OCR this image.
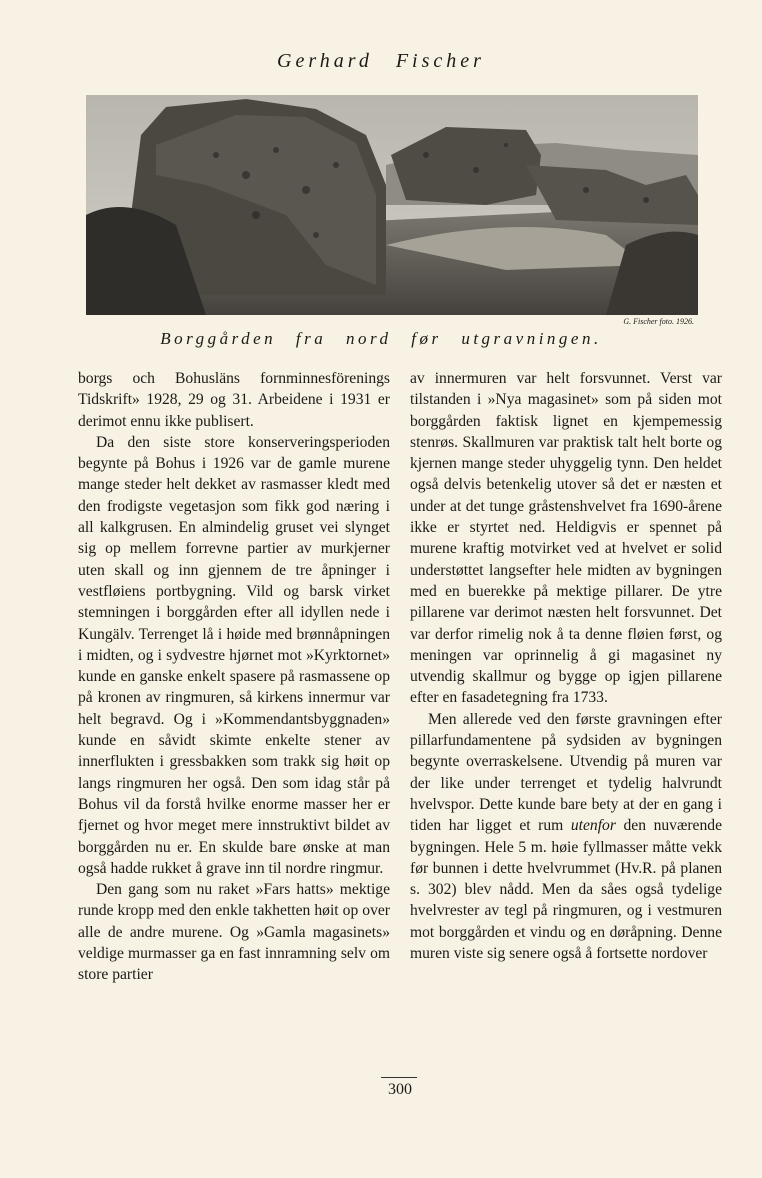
Gerhard Fischer
G. Fischer foto. 1926.
Borggården fra nord før utgravningen.

borgs och Bohusläns fornminnesförenings Tidskrift» 1928, 29 og 31. Arbeidene i 1931 er derimot ennu ikke publisert.

Da den siste store konserveringsperioden begynte på Bohus i 1926 var de gamle murene mange steder helt dekket av rasmasser kledt med den frodigste vegetasjon som fikk god næring i all kalkgrusen. En almindelig gruset vei slynget sig op mellem forrevne partier av murkjerner uten skall og inn gjennem de tre åpninger i vestfløiens portbygning. Vild og barsk virket stemningen i borggården efter all idyllen nede i Kungälv. Terrenget lå i høide med brønnåpningen i midten, og i sydvestre hjørnet mot »Kyrktornet» kunde en ganske enkelt spasere på rasmassene op på kronen av ringmuren, så kirkens innermur var helt begravd. Og i »Kommendantsbyggnaden» kunde en såvidt skimte enkelte stener av innerflukten i gressbakken som trakk sig høit op langs ringmuren her også. Den som idag står på Bohus vil da forstå hvilke enorme masser her er fjernet og hvor meget mere innstruktivt bildet av borggården nu er. En skulde bare ønske at man også hadde rukket å grave inn til nordre ringmur.

Den gang som nu raket »Fars hatts» mektige runde kropp med den enkle takhetten høit op over alle de andre murene. Og »Gamla magasinets» veldige murmasser ga en fast innramning selv om store partier

av innermuren var helt forsvunnet. Verst var tilstanden i »Nya magasinet» som på siden mot borggården faktisk lignet en kjempemessig stenrøs. Skallmuren var praktisk talt helt borte og kjernen mange steder uhyggelig tynn. Den heldet også delvis betenkelig utover så det er næsten et under at det tunge gråstenshvelvet fra 1690-årene ikke er styrtet ned. Heldigvis er spennet på murene kraftig motvirket ved at hvelvet er solid understøttet langsefter hele midten av bygningen med en buerekke på mektige pillarer. De ytre pillarene var derimot næsten helt forsvunnet. Det var derfor rimelig nok å ta denne fløien først, og meningen var oprinnelig å gi magasinet ny utvendig skallmur og bygge op igjen pillarene efter en fasadetegning fra 1733.

Men allerede ved den første gravningen efter pillarfundamentene på sydsiden av bygningen begynte overraskelsene. Utvendig på muren var der like under terrenget et tydelig halvrundt hvelvspor. Dette kunde bare bety at der en gang i tiden har ligget et rum utenfor den nuværende bygningen. Hele 5 m. høie fyllmasser måtte vekk før bunnen i dette hvelvrummet (Hv.R. på planen s. 302) blev nådd. Men da såes også tydelige hvelvrester av tegl på ringmuren, og i vestmuren mot borggården et vindu og en døråpning. Denne muren viste sig senere også å fortsette nordover

300
